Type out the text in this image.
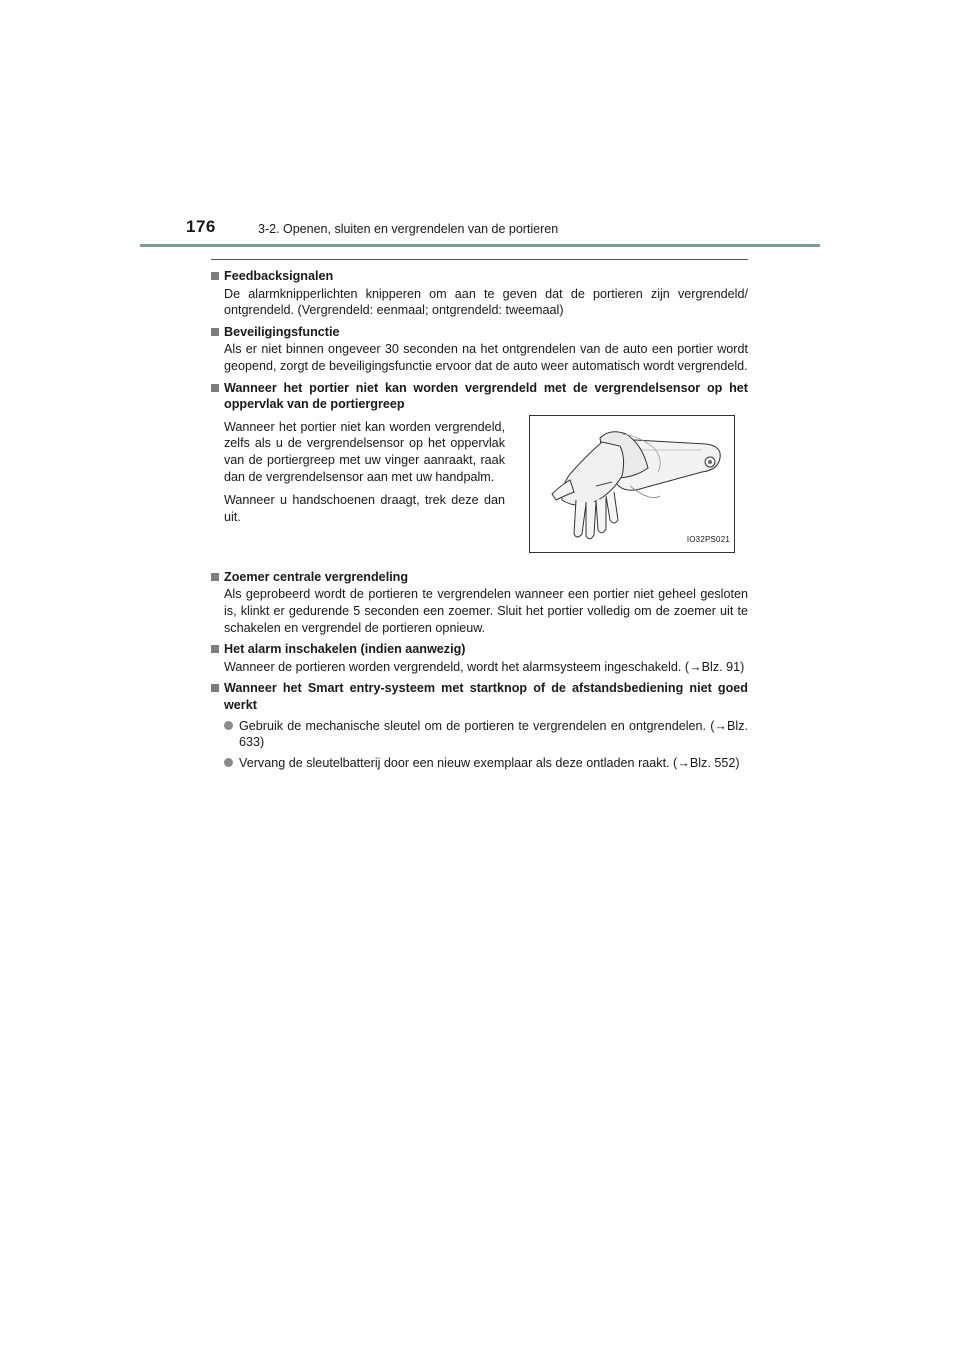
176	3-2. Openen, sluiten en vergrendelen van de portieren
Feedbacksignalen
De alarmknipperlichten knipperen om aan te geven dat de portieren zijn vergrendeld/ ontgrendeld. (Vergrendeld: eenmaal; ontgrendeld: tweemaal)
Beveiligingsfunctie
Als er niet binnen ongeveer 30 seconden na het ontgrendelen van de auto een portier wordt geopend, zorgt de beveiligingsfunctie ervoor dat de auto weer automatisch wordt vergrendeld.
Wanneer het portier niet kan worden vergrendeld met de vergrendelsensor op het oppervlak van de portiergreep

Wanneer het portier niet kan worden vergrendeld, zelfs als u de vergrendelsensor op het oppervlak van de portiergreep met uw vinger aanraakt, raak dan de vergrendelsensor aan met uw handpalm.

Wanneer u handschoenen draagt, trek deze dan uit.

IO32PS021
Zoemer centrale vergrendeling
Als geprobeerd wordt de portieren te vergrendelen wanneer een portier niet geheel gesloten is, klinkt er gedurende 5 seconden een zoemer. Sluit het portier volledig om de zoemer uit te schakelen en vergrendel de portieren opnieuw.
Het alarm inschakelen (indien aanwezig)
Wanneer de portieren worden vergrendeld, wordt het alarmsysteem ingeschakeld. (→Blz. 91)
Wanneer het Smart entry-systeem met startknop of de afstandsbediening niet goed werkt
Gebruik de mechanische sleutel om de portieren te vergrendelen en ontgrendelen. (→Blz. 633)
Vervang de sleutelbatterij door een nieuw exemplaar als deze ontladen raakt. (→Blz. 552)
